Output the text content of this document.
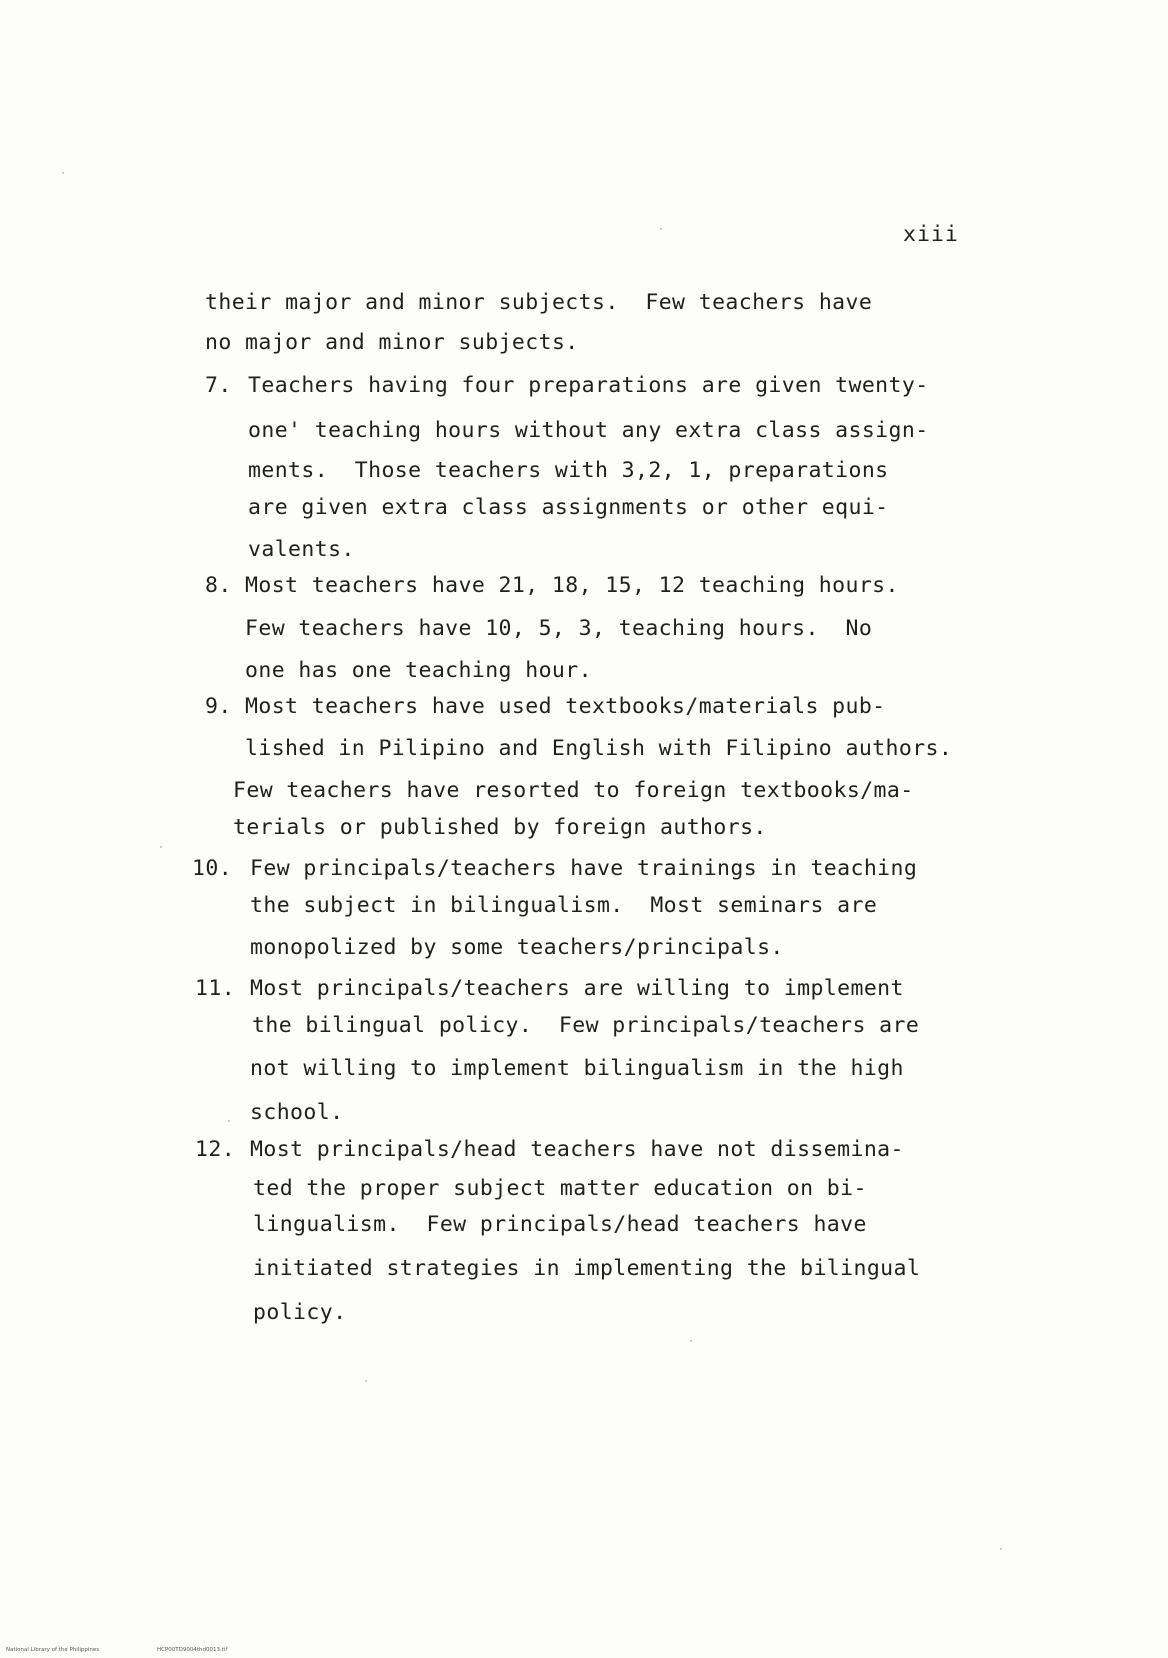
xiii
their major and minor subjects.  Few teachers have
no major and minor subjects.
7. Teachers having four preparations are given twenty-
one' teaching hours without any extra class assign-
ments.  Those teachers with 3,2, 1, preparations
are given extra class assignments or other equi-
valents.
8. Most teachers have 21, 18, 15, 12 teaching hours.
Few teachers have 10, 5, 3, teaching hours.  No
one has one teaching hour.
9. Most teachers have used textbooks/materials pub-
lished in Pilipino and English with Filipino authors.
Few teachers have resorted to foreign textbooks/ma-
terials or published by foreign authors.
10. Few principals/teachers have trainings in teaching
the subject in bilingualism.  Most seminars are
monopolized by some teachers/principals.
11. Most principals/teachers are willing to implement
the bilingual policy.  Few principals/teachers are
not willing to implement bilingualism in the high
school.
12. Most principals/head teachers have not dissemina-
ted the proper subject matter education on bi-
lingualism.  Few principals/head teachers have
initiated strategies in implementing the bilingual
policy.
National Library of the Philippines	HCP00TD9004thd0013.tif
